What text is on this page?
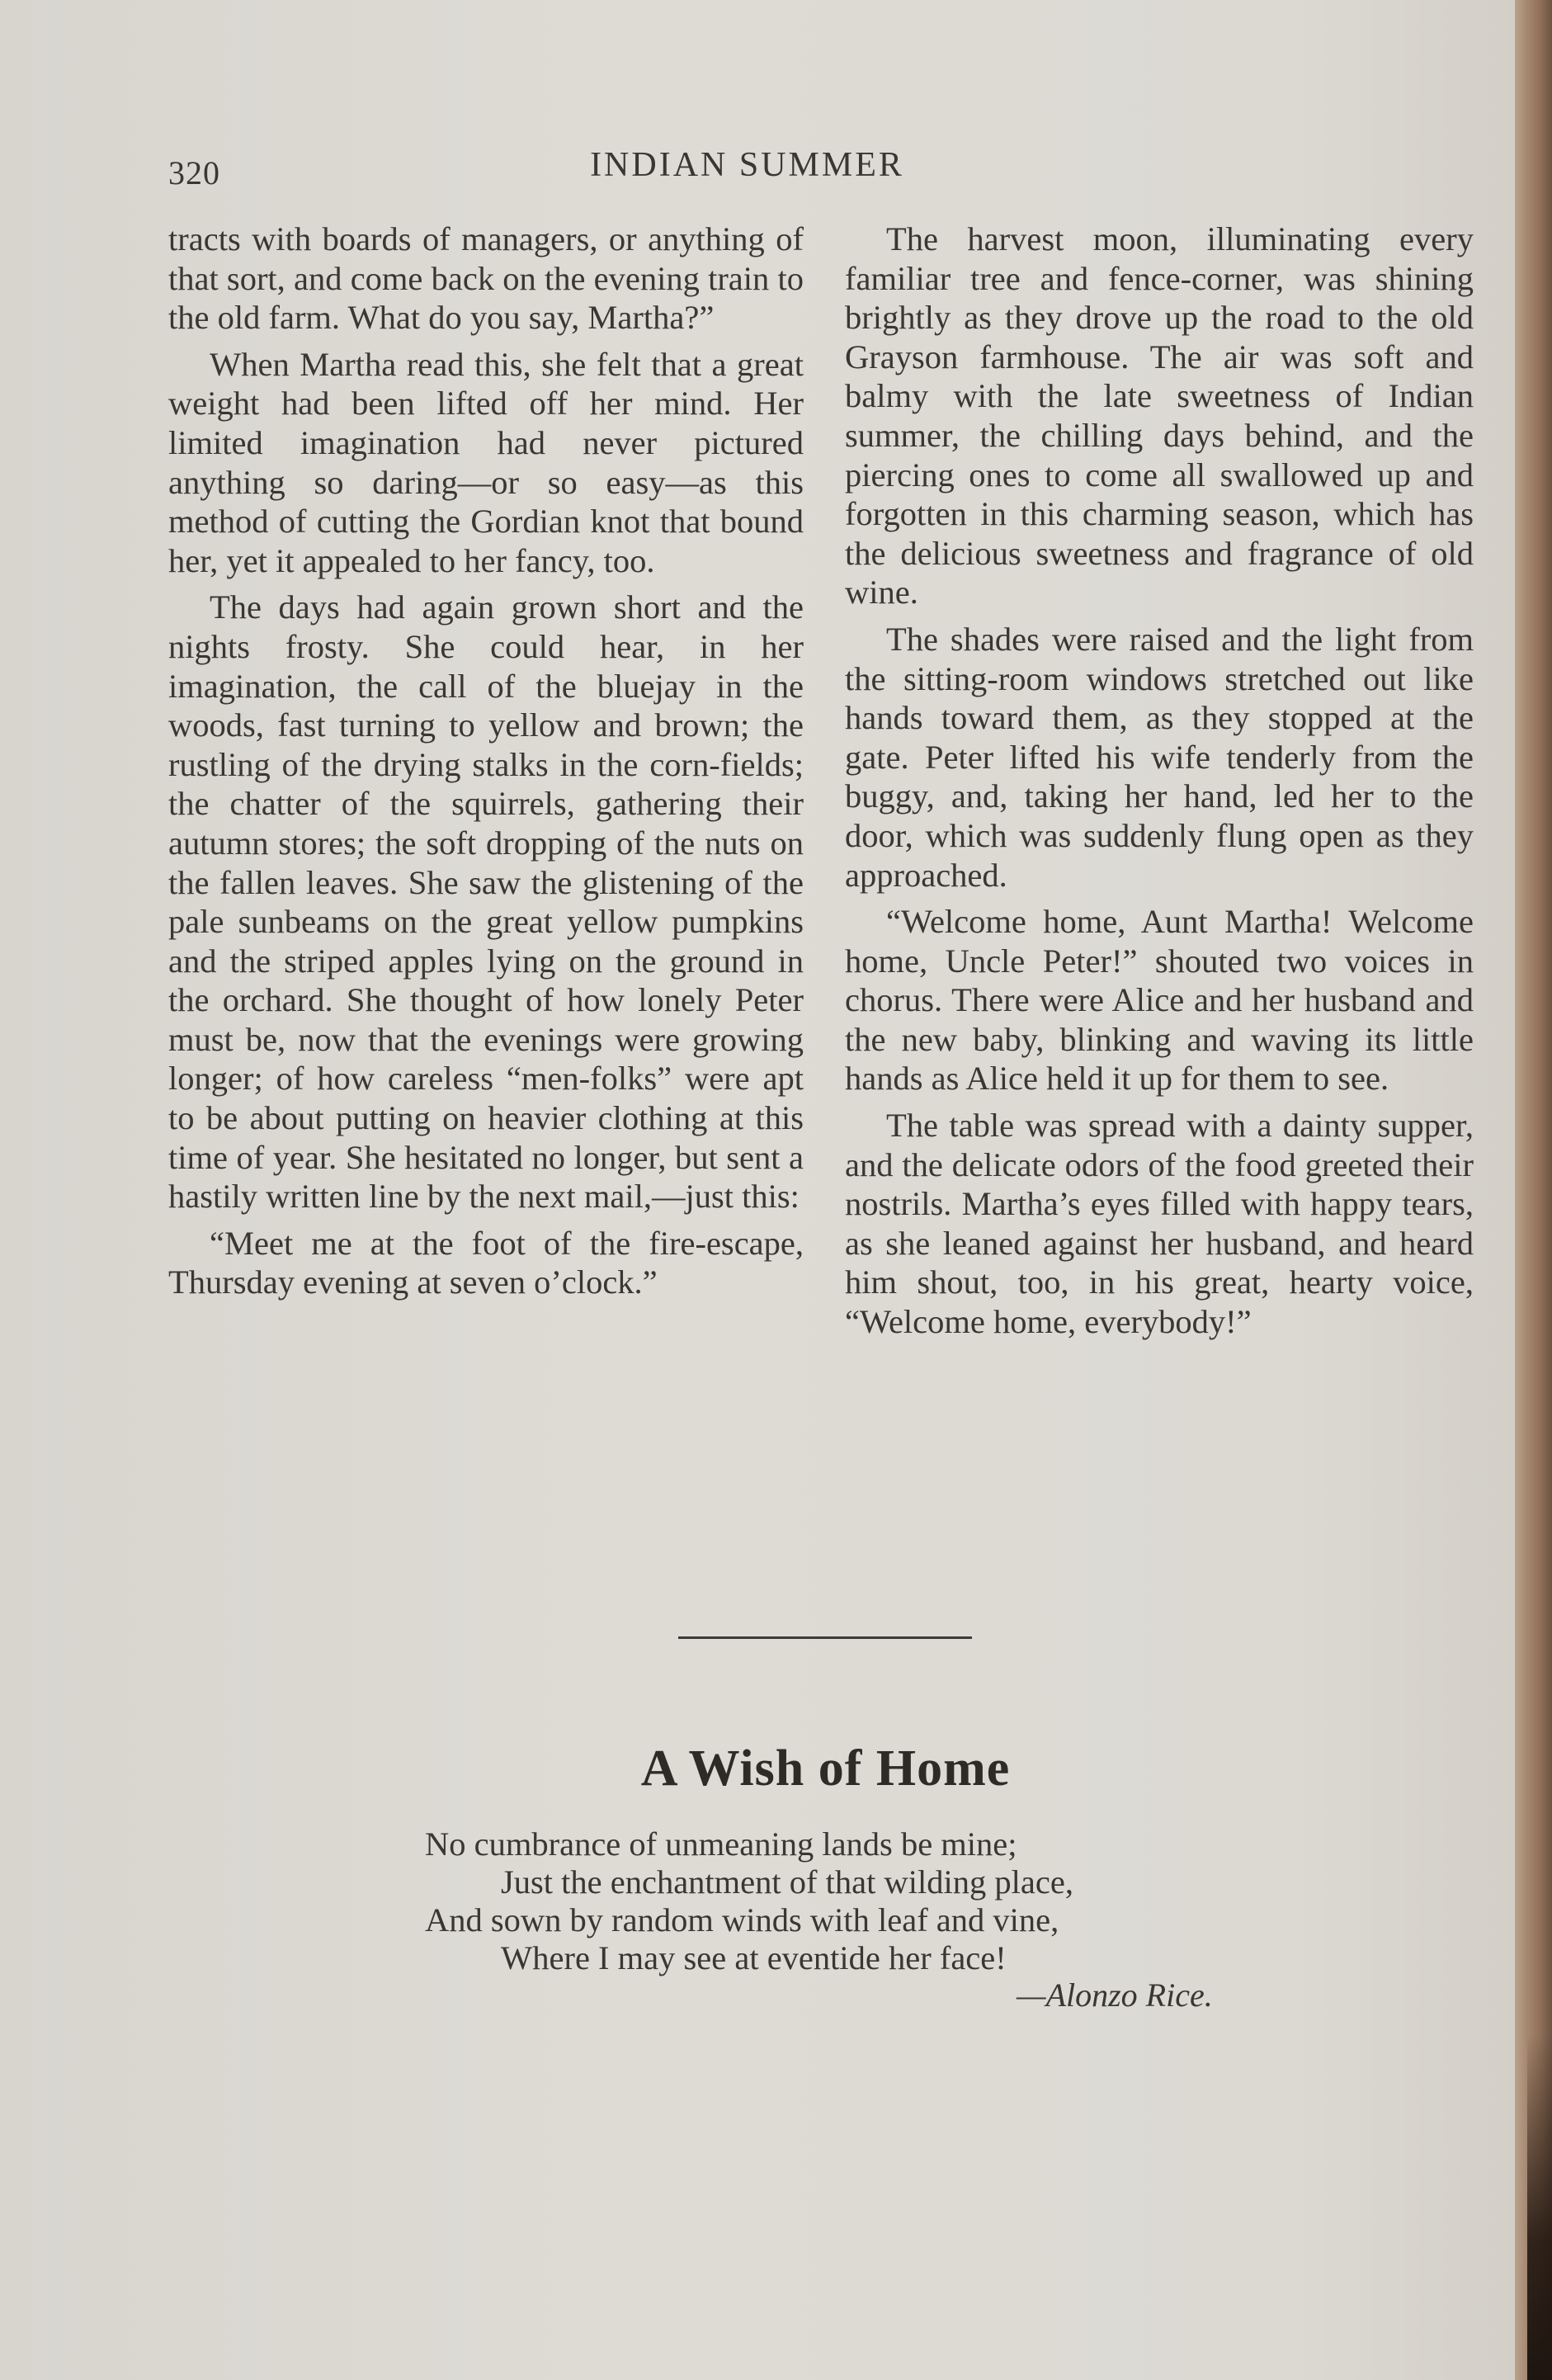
320	INDIAN SUMMER

tracts with boards of managers, or anything of that sort, and come back on the evening train to the old farm. What do you say, Martha?”

When Martha read this, she felt that a great weight had been lifted off her mind. Her limited imagination had never pictured anything so daring—or so easy—as this method of cutting the Gordian knot that bound her, yet it appealed to her fancy, too.

The days had again grown short and the nights frosty. She could hear, in her imagination, the call of the bluejay in the woods, fast turning to yellow and brown; the rustling of the drying stalks in the corn-fields; the chatter of the squirrels, gathering their autumn stores; the soft dropping of the nuts on the fallen leaves. She saw the glistening of the pale sunbeams on the great yellow pumpkins and the striped apples lying on the ground in the orchard. She thought of how lonely Peter must be, now that the evenings were growing longer; of how careless “men-folks” were apt to be about putting on heavier clothing at this time of year. She hesitated no longer, but sent a hastily written line by the next mail,—just this:

“Meet me at the foot of the fire-escape, Thursday evening at seven o’clock.”

The harvest moon, illuminating every familiar tree and fence-corner, was shining brightly as they drove up the road to the old Grayson farmhouse. The air was soft and balmy with the late sweetness of Indian summer, the chilling days behind, and the piercing ones to come all swallowed up and forgotten in this charming season, which has the delicious sweetness and fragrance of old wine.

The shades were raised and the light from the sitting-room windows stretched out like hands toward them, as they stopped at the gate. Peter lifted his wife tenderly from the buggy, and, taking her hand, led her to the door, which was suddenly flung open as they approached.

“Welcome home, Aunt Martha! Welcome home, Uncle Peter!” shouted two voices in chorus. There were Alice and her husband and the new baby, blinking and waving its little hands as Alice held it up for them to see.

The table was spread with a dainty supper, and the delicate odors of the food greeted their nostrils. Martha’s eyes filled with happy tears, as she leaned against her husband, and heard him shout, too, in his great, hearty voice, “Welcome home, everybody!”

A Wish of Home
No cumbrance of unmeaning lands be mine;
Just the enchantment of that wilding place,
And sown by random winds with leaf and vine,
Where I may see at eventide her face!
—Alonzo Rice.
